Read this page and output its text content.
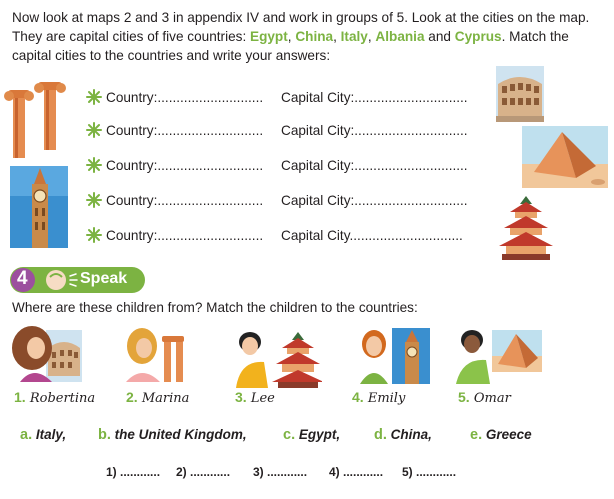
Now look at maps 2 and 3 in appendix IV and work in groups of 5. Look at the cities on the map. They are capital cities of five countries: Egypt, China, Italy, Albania and Cyprus. Match the capital cities to the countries and write your answers:

Country:............................ Capital City:..............................
Country:............................ Capital City:..............................
Country:............................ Capital City:..............................
Country:............................ Capital City:..............................
Country:............................ Capital City..............................
4	Speak

Where are these children from? Match the children to the countries:

1. Robertina 2. Marina	3. Lee	4. Emily	5. Omar
a. Italy, b. the United Kingdom,	c. Egypt, d. China,	e. Greece
1) ............ 2) ............ 3) ............ 4) ............ 5) ............
